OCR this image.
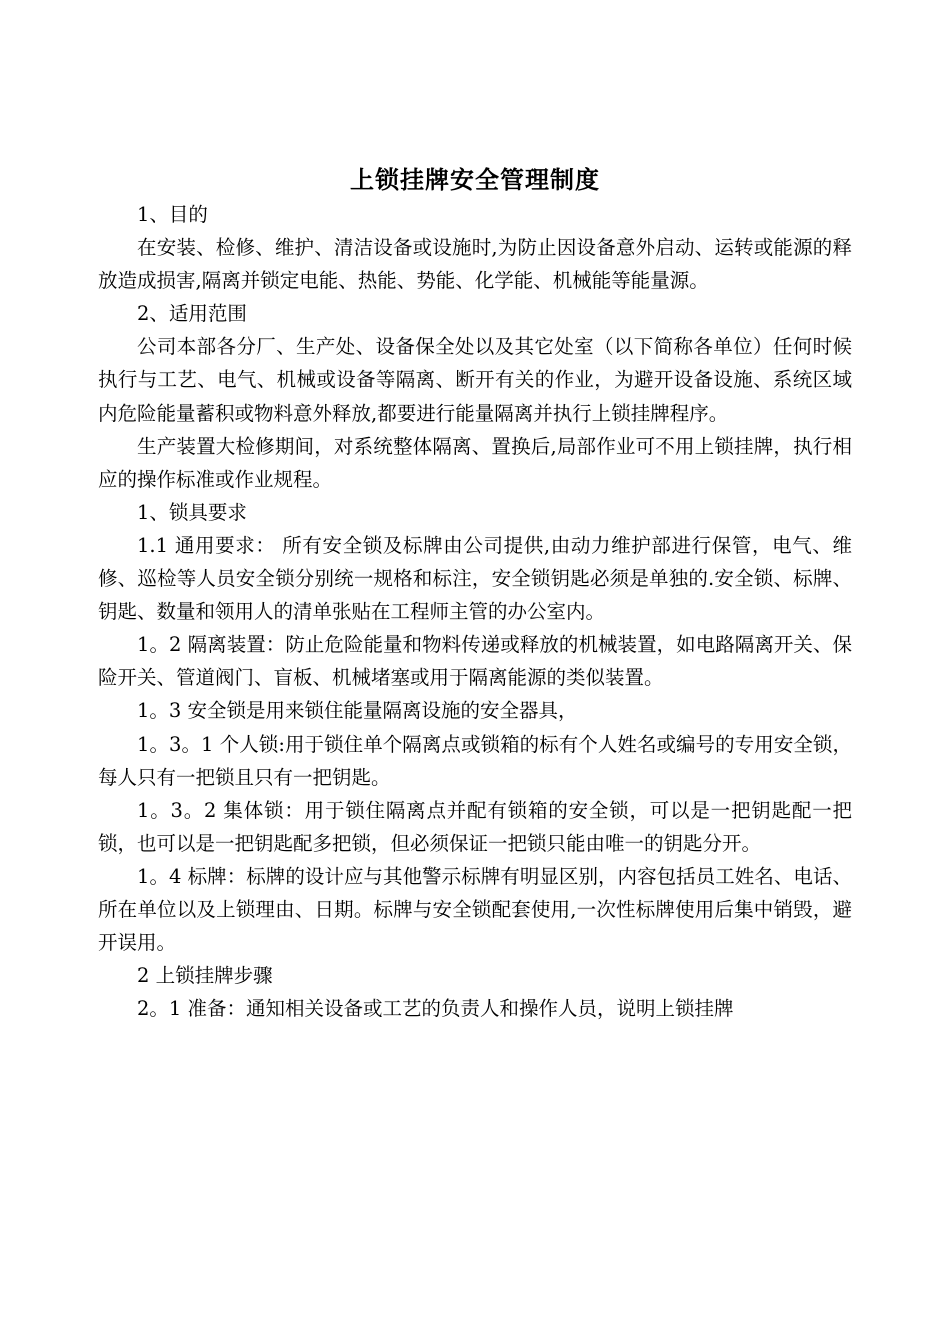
上锁挂牌安全管理制度

1、目的

在安装、检修、维护、清洁设备或设施时,为防止因设备意外启动、运转或能源的释放造成损害,隔离并锁定电能、热能、势能、化学能、机械能等能量源。

2、适用范围

公司本部各分厂、生产处、设备保全处以及其它处室（以下简称各单位）任何时候执行与工艺、电气、机械或设备等隔离、断开有关的作业，为避开设备设施、系统区域内危险能量蓄积或物料意外释放,都要进行能量隔离并执行上锁挂牌程序。

生产装置大检修期间，对系统整体隔离、置换后,局部作业可不用上锁挂牌，执行相应的操作标准或作业规程。

1、锁具要求

1.1 通用要求： 所有安全锁及标牌由公司提供,由动力维护部进行保管，电气、维修、巡检等人员安全锁分别统一规格和标注，安全锁钥匙必须是单独的.安全锁、标牌、钥匙、数量和领用人的清单张贴在工程师主管的办公室内。

1。2 隔离装置：防止危险能量和物料传递或释放的机械装置，如电路隔离开关、保险开关、管道阀门、盲板、机械堵塞或用于隔离能源的类似装置。

1。3 安全锁是用来锁住能量隔离设施的安全器具，

1。3。1 个人锁:用于锁住单个隔离点或锁箱的标有个人姓名或编号的专用安全锁，每人只有一把锁且只有一把钥匙。

1。3。2 集体锁：用于锁住隔离点并配有锁箱的安全锁，可以是一把钥匙配一把锁，也可以是一把钥匙配多把锁，但必须保证一把锁只能由唯一的钥匙分开。

1。4 标牌：标牌的设计应与其他警示标牌有明显区别，内容包括员工姓名、电话、所在单位以及上锁理由、日期。标牌与安全锁配套使用,一次性标牌使用后集中销毁，避开误用。

2 上锁挂牌步骤

2。1 准备：通知相关设备或工艺的负责人和操作人员，说明上锁挂牌
